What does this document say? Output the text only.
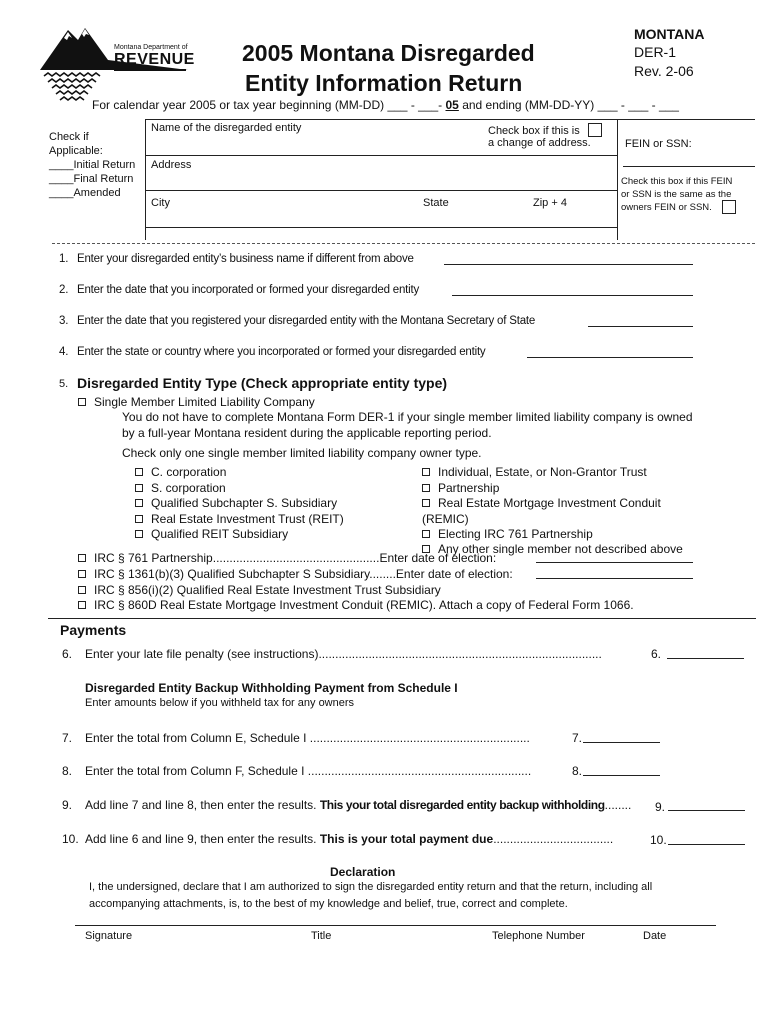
Montana Department of
REVENUE 2005 Montana Disregarded
Entity Information Return
MONTANA
DER-1
Rev. 2-06
For calendar year 2005 or tax year beginning (MM-DD) ___ - ___- 05 and ending (MM-DD-YY) ___ - ___ - ___
Check if
Applicable:
____Initial Return
____Final Return
____Amended
Name of the disregarded entity	Check box if this is
a change of address.	FEIN or SSN:
Address
Check this box if this FEIN
or SSN is the same as the
owners FEIN or SSN.
City	State	Zip + 4
1. Enter your disregarded entity’s business name if different from above
2. Enter the date that you incorporated or formed your disregarded entity
3. Enter the date that you registered your disregarded entity with the Montana Secretary of State
4. Enter the state or country where you incorporated or formed your disregarded entity
5. Disregarded Entity Type (Check appropriate entity type)
Single Member Limited Liability Company
You do not have to complete Montana Form DER-1 if your single member limited liability company is owned
by a full-year Montana resident during the applicable reporting period.
Check only one single member limited liability company owner type.
C. corporation
S. corporation
Qualified Subchapter S. Subsidiary
Real Estate Investment Trust (REIT)
Qualified REIT Subsidiary
Individual, Estate, or Non-Grantor Trust
Partnership
Real Estate Mortgage Investment Conduit
(REMIC)
Electing IRC 761 Partnership
Any other single member not described above
IRC § 761 Partnership..................................................Enter date of election:
IRC § 1361(b)(3) Qualified Subchapter S Subsidiary........Enter date of election:
IRC § 856(i)(2) Qualified Real Estate Investment Trust Subsidiary
IRC § 860D Real Estate Mortgage Investment Conduit (REMIC). Attach a copy of Federal Form 1066.
Payments
6. Enter your late file penalty (see instructions).....................................................................................	6.
Disregarded Entity Backup Withholding Payment from Schedule I
Enter amounts below if you withheld tax for any owners
7. Enter the total from Column E, Schedule I ..................................................................	7.
8. Enter the total from Column F, Schedule I ...................................................................	8.
9. Add line 7 and line 8, then enter the results. This your total disregarded entity backup withholding........ 9.
10. Add line 6 and line 9, then enter the results. This is your total payment due....................................	10.
Declaration
I, the undersigned, declare that I am authorized to sign the disregarded entity return and that the return, including all
accompanying attachments, is, to the best of my knowledge and belief, true, correct and complete.
Signature	Title	Telephone Number	Date
